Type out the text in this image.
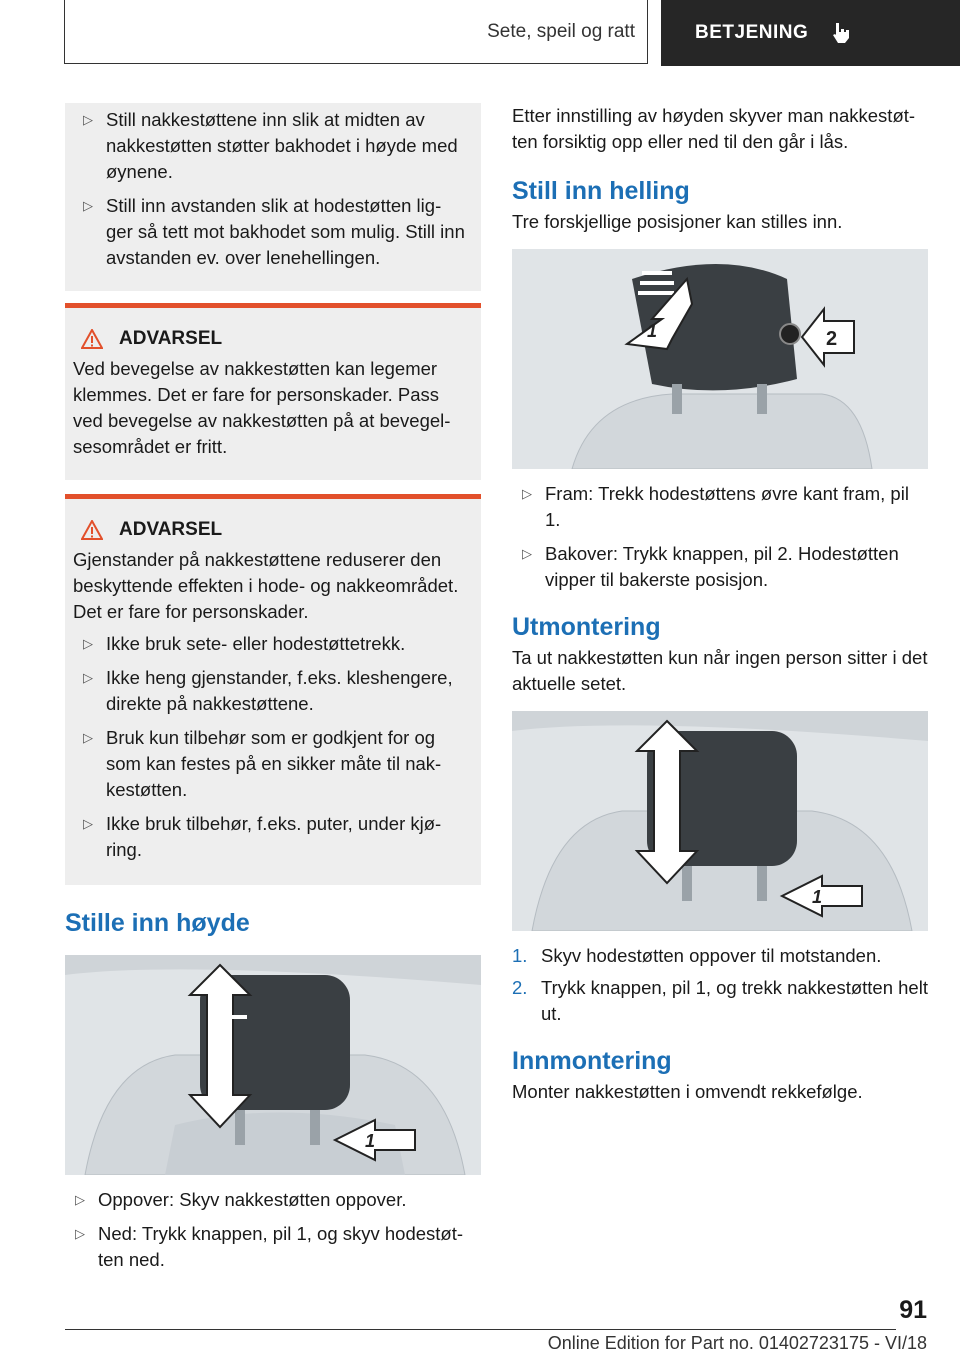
Sete, speil og ratt	BETJENING
▷ Still nakkestøttene inn slik at midten av nakkestøtten støtter bakhodet i høyde med øynene.
▷ Still inn avstanden slik at hodestøtten lig‐ ger så tett mot bakhodet som mulig. Still inn avstanden ev. over lenehellingen.
ADVARSEL

Ved bevegelse av nakkestøtten kan legemer klemmes. Det er fare for personskader. Pass ved bevegelse av nakkestøtten på at bevegel‐ sesområdet er fritt.

ADVARSEL

Gjenstander på nakkestøttene reduserer den beskyttende effekten i hode- og nakkeområdet. Det er fare for personskader.

▷ Ikke bruk sete- eller hodestøttetrekk.
▷ Ikke heng gjenstander, f.eks. kleshengere, direkte på nakkestøttene.
▷ Bruk kun tilbehør som er godkjent for og som kan festes på en sikker måte til nak‐ kestøtten.
▷ Ikke bruk tilbehør, f.eks. puter, under kjø‐ ring.
Stille inn høyde
1
▷ Oppover: Skyv nakkestøtten oppover.
▷ Ned: Trykk knappen, pil 1, og skyv hodestøt‐ ten ned.

Etter innstilling av høyden skyver man nakkestøt‐ ten forsiktig opp eller ned til den går i lås.

Still inn helling

Tre forskjellige posisjoner kan stilles inn.

1	2
▷ Fram: Trekk hodestøttens øvre kant fram, pil 1.
▷ Bakover: Trykk knappen, pil 2. Hodestøtten vipper til bakerste posisjon.
Utmontering

Ta ut nakkestøtten kun når ingen person sitter i det aktuelle setet.

1
1. Skyv hodestøtten oppover til motstanden.
2. Trykk knappen, pil 1, og trekk nakkestøtten helt ut.
Innmontering

Monter nakkestøtten i omvendt rekkefølge.

91
Online Edition for Part no. 01402723175 - VI/18
